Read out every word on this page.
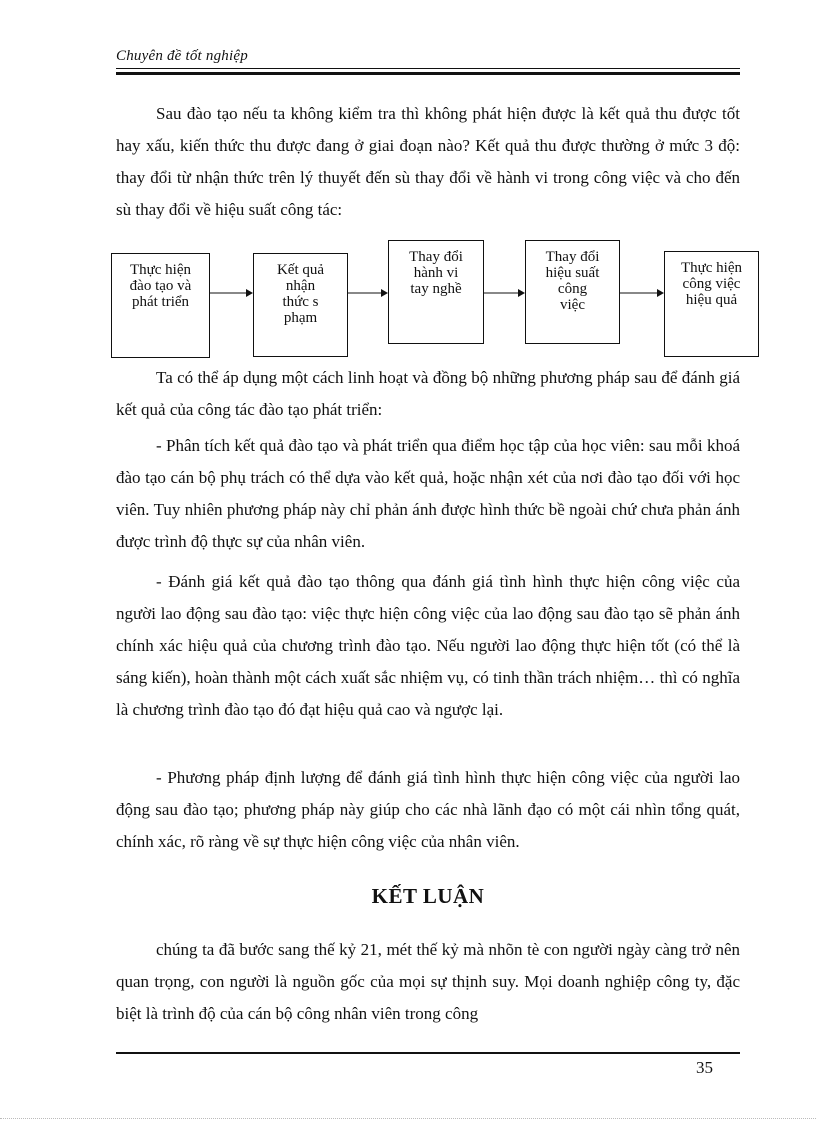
Chuyên đề tốt nghiệp

Sau đào tạo nếu ta không kiểm tra thì không phát hiện được là kết quả thu được tốt hay xấu, kiến thức thu được đang ở giai đoạn nào? Kết quả thu được thường ở mức 3 độ: thay đổi từ nhận thức trên lý thuyết đến sù thay đổi về hành vi trong công việc và cho đến sù thay đổi về hiệu suất công tác:

Thực hiện
đào tạo và
phát triển
Kết quả
nhận
thức s
phạm
Thay đổi
hành vi
tay nghề
Thay đổi
hiệu suất
công
việc
Thực hiện
công việc
hiệu quả

Ta có thể áp dụng một cách linh hoạt và đồng bộ những phương pháp sau để đánh giá kết quả của công tác đào tạo phát triển:

- Phân tích kết quả đào tạo và phát triển qua điểm học tập của học viên: sau mỗi khoá đào tạo cán bộ phụ trách có thể dựa vào kết quả, hoặc nhận xét của nơi đào tạo đối với học viên. Tuy nhiên phương pháp này chỉ phản ánh được hình thức bề ngoài chứ chưa phản ánh được trình độ thực sự của nhân viên.

- Đánh giá kết quả đào tạo thông qua đánh giá tình hình thực hiện công việc của người lao động sau đào tạo: việc thực hiện công việc của lao động sau đào tạo sẽ phản ánh chính xác hiệu quả của chương trình đào tạo. Nếu người lao động thực hiện tốt (có thể là sáng kiến), hoàn thành một cách xuất sắc nhiệm vụ, có tinh thần trách nhiệm… thì có nghĩa là chương trình đào tạo đó đạt hiệu quả cao và ngược lại.

- Phương pháp định lượng để đánh giá tình hình thực hiện công việc của người lao động sau đào tạo; phương pháp này giúp cho các nhà lãnh đạo có một cái nhìn tổng quát, chính xác, rõ ràng về sự thực hiện công việc của nhân viên.

KẾT LUẬN

chúng ta đã bước sang thế kỷ 21, mét thế kỷ mà nhõn tè con người ngày càng trở nên quan trọng, con người là nguồn gốc của mọi sự thịnh suy. Mọi doanh nghiệp công ty, đặc biệt là trình độ của cán bộ công nhân viên trong công

35
